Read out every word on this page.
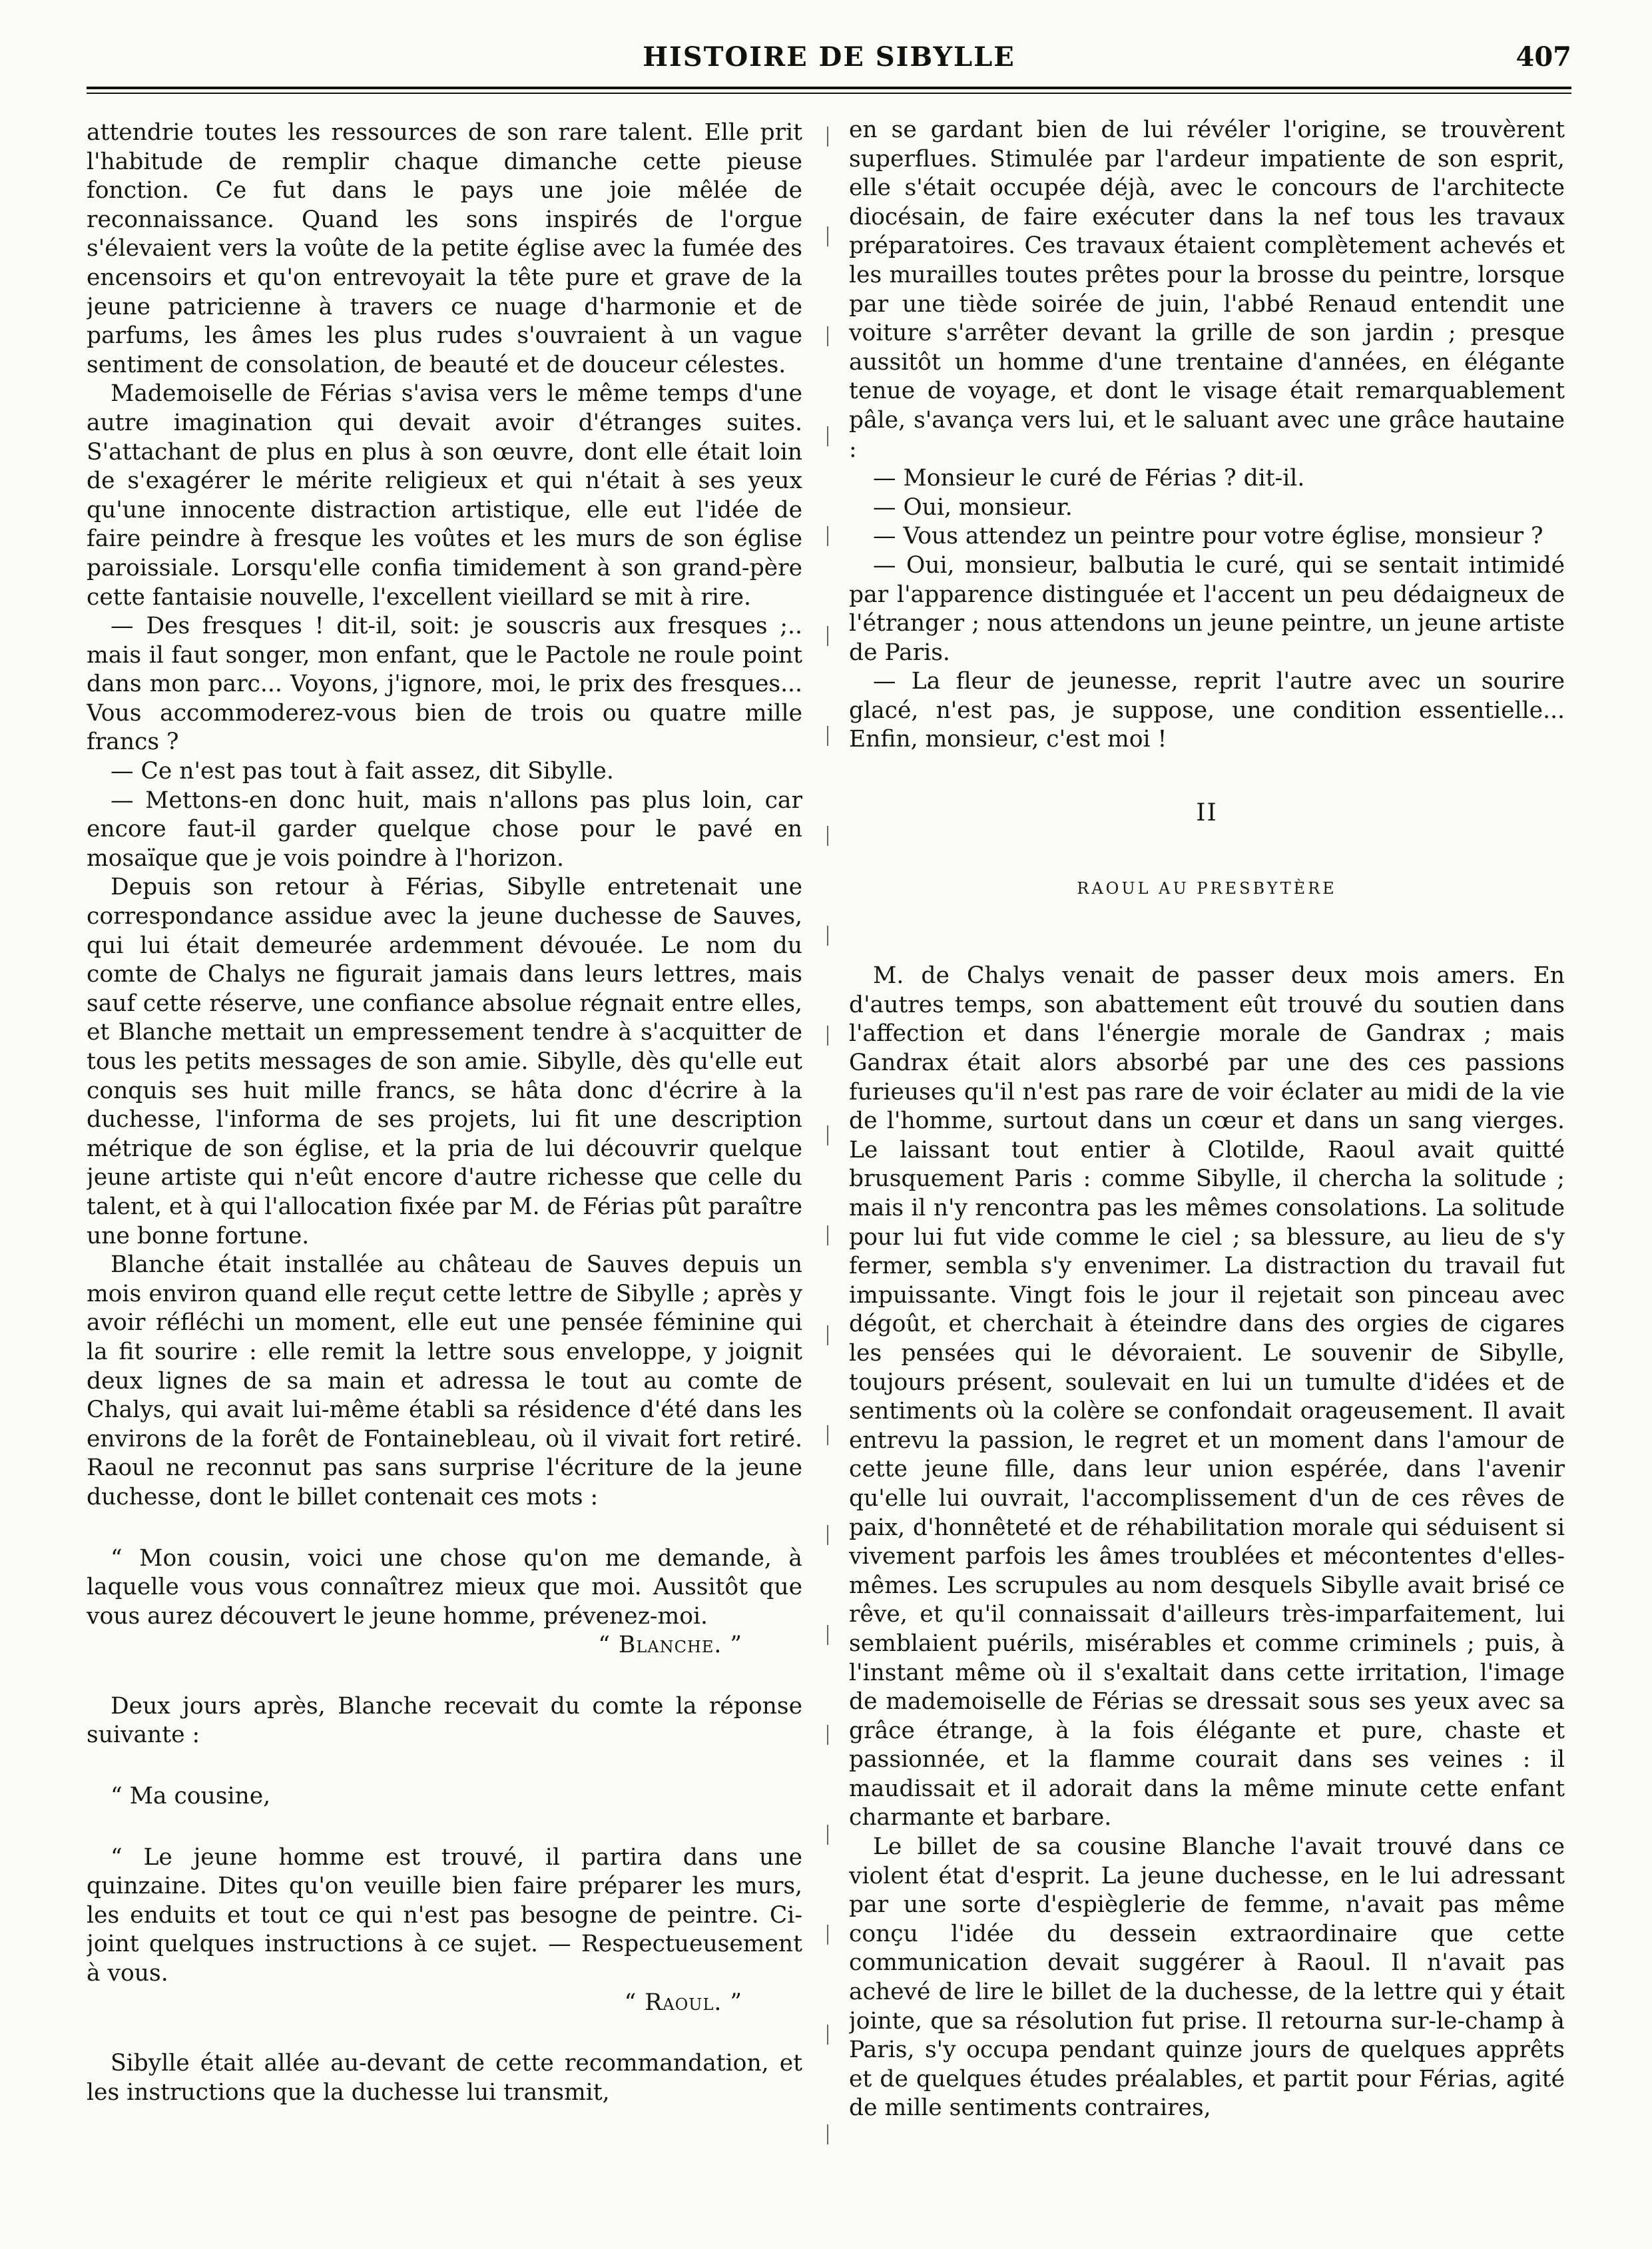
HISTOIRE DE SIBYLLE	407

attendrie toutes les ressources de son rare talent. Elle prit l'habitude de remplir chaque dimanche cette pieuse fonction. Ce fut dans le pays une joie mêlée de reconnaissance. Quand les sons inspirés de l'orgue s'élevaient vers la voûte de la petite église avec la fumée des encensoirs et qu'on entrevoyait la tête pure et grave de la jeune patricienne à travers ce nuage d'harmonie et de parfums, les âmes les plus rudes s'ouvraient à un vague sentiment de consolation, de beauté et de douceur célestes.

Mademoiselle de Férias s'avisa vers le même temps d'une autre imagination qui devait avoir d'étranges suites. S'attachant de plus en plus à son œuvre, dont elle était loin de s'exagérer le mérite religieux et qui n'était à ses yeux qu'une innocente distraction artistique, elle eut l'idée de faire peindre à fresque les voûtes et les murs de son église paroissiale. Lorsqu'elle confia timidement à son grand-père cette fantaisie nouvelle, l'excellent vieillard se mit à rire.

— Des fresques ! dit-il, soit: je souscris aux fresques ;.. mais il faut songer, mon enfant, que le Pactole ne roule point dans mon parc... Voyons, j'ignore, moi, le prix des fresques... Vous accommoderez-vous bien de trois ou quatre mille francs ?

— Ce n'est pas tout à fait assez, dit Sibylle.

— Mettons-en donc huit, mais n'allons pas plus loin, car encore faut-il garder quelque chose pour le pavé en mosaïque que je vois poindre à l'horizon.

Depuis son retour à Férias, Sibylle entretenait une correspondance assidue avec la jeune duchesse de Sauves, qui lui était demeurée ardemment dévouée. Le nom du comte de Chalys ne figurait jamais dans leurs lettres, mais sauf cette réserve, une confiance absolue régnait entre elles, et Blanche mettait un empressement tendre à s'acquitter de tous les petits messages de son amie. Sibylle, dès qu'elle eut conquis ses huit mille francs, se hâta donc d'écrire à la duchesse, l'informa de ses projets, lui fit une description métrique de son église, et la pria de lui découvrir quelque jeune artiste qui n'eût encore d'autre richesse que celle du talent, et à qui l'allocation fixée par M. de Férias pût paraître une bonne fortune.

Blanche était installée au château de Sauves depuis un mois environ quand elle reçut cette lettre de Sibylle ; après y avoir réfléchi un moment, elle eut une pensée féminine qui la fit sourire : elle remit la lettre sous enveloppe, y joignit deux lignes de sa main et adressa le tout au comte de Chalys, qui avait lui-même établi sa résidence d'été dans les environs de la forêt de Fontainebleau, où il vivait fort retiré. Raoul ne reconnut pas sans surprise l'écriture de la jeune duchesse, dont le billet contenait ces mots :

“ Mon cousin, voici une chose qu'on me demande, à laquelle vous vous connaîtrez mieux que moi. Aussitôt que vous aurez découvert le jeune homme, prévenez-moi.

“ Blanche. ”

Deux jours après, Blanche recevait du comte la réponse suivante :

“ Ma cousine,

“ Le jeune homme est trouvé, il partira dans une quinzaine. Dites qu'on veuille bien faire préparer les murs, les enduits et tout ce qui n'est pas besogne de peintre. Ci-joint quelques instructions à ce sujet. — Respectueusement à vous.

“ Raoul. ”

Sibylle était allée au-devant de cette recommandation, et les instructions que la duchesse lui transmit,

en se gardant bien de lui révéler l'origine, se trouvèrent superflues. Stimulée par l'ardeur impatiente de son esprit, elle s'était occupée déjà, avec le concours de l'architecte diocésain, de faire exécuter dans la nef tous les travaux préparatoires. Ces travaux étaient complètement achevés et les murailles toutes prêtes pour la brosse du peintre, lorsque par une tiède soirée de juin, l'abbé Renaud entendit une voiture s'arrêter devant la grille de son jardin ; presque aussitôt un homme d'une trentaine d'années, en élégante tenue de voyage, et dont le visage était remarquablement pâle, s'avança vers lui, et le saluant avec une grâce hautaine :

— Monsieur le curé de Férias ? dit-il.

— Oui, monsieur.

— Vous attendez un peintre pour votre église, monsieur ?

— Oui, monsieur, balbutia le curé, qui se sentait intimidé par l'apparence distinguée et l'accent un peu dédaigneux de l'étranger ; nous attendons un jeune peintre, un jeune artiste de Paris.

— La fleur de jeunesse, reprit l'autre avec un sourire glacé, n'est pas, je suppose, une condition essentielle... Enfin, monsieur, c'est moi !

II

RAOUL AU PRESBYTÈRE

M. de Chalys venait de passer deux mois amers. En d'autres temps, son abattement eût trouvé du soutien dans l'affection et dans l'énergie morale de Gandrax ; mais Gandrax était alors absorbé par une des ces passions furieuses qu'il n'est pas rare de voir éclater au midi de la vie de l'homme, surtout dans un cœur et dans un sang vierges. Le laissant tout entier à Clotilde, Raoul avait quitté brusquement Paris : comme Sibylle, il chercha la solitude ; mais il n'y rencontra pas les mêmes consolations. La solitude pour lui fut vide comme le ciel ; sa blessure, au lieu de s'y fermer, sembla s'y envenimer. La distraction du travail fut impuissante. Vingt fois le jour il rejetait son pinceau avec dégoût, et cherchait à éteindre dans des orgies de cigares les pensées qui le dévoraient. Le souvenir de Sibylle, toujours présent, soulevait en lui un tumulte d'idées et de sentiments où la colère se confondait orageusement. Il avait entrevu la passion, le regret et un moment dans l'amour de cette jeune fille, dans leur union espérée, dans l'avenir qu'elle lui ouvrait, l'accomplissement d'un de ces rêves de paix, d'honnêteté et de réhabilitation morale qui séduisent si vivement parfois les âmes troublées et mécontentes d'elles-mêmes. Les scrupules au nom desquels Sibylle avait brisé ce rêve, et qu'il connaissait d'ailleurs très-imparfaitement, lui semblaient puérils, misérables et comme criminels ; puis, à l'instant même où il s'exaltait dans cette irritation, l'image de mademoiselle de Férias se dressait sous ses yeux avec sa grâce étrange, à la fois élégante et pure, chaste et passionnée, et la flamme courait dans ses veines : il maudissait et il adorait dans la même minute cette enfant charmante et barbare.

Le billet de sa cousine Blanche l'avait trouvé dans ce violent état d'esprit. La jeune duchesse, en le lui adressant par une sorte d'espièglerie de femme, n'avait pas même conçu l'idée du dessein extraordinaire que cette communication devait suggérer à Raoul. Il n'avait pas achevé de lire le billet de la duchesse, de la lettre qui y était jointe, que sa résolution fut prise. Il retourna sur-le-champ à Paris, s'y occupa pendant quinze jours de quelques apprêts et de quelques études préalables, et partit pour Férias, agité de mille sentiments contraires,
